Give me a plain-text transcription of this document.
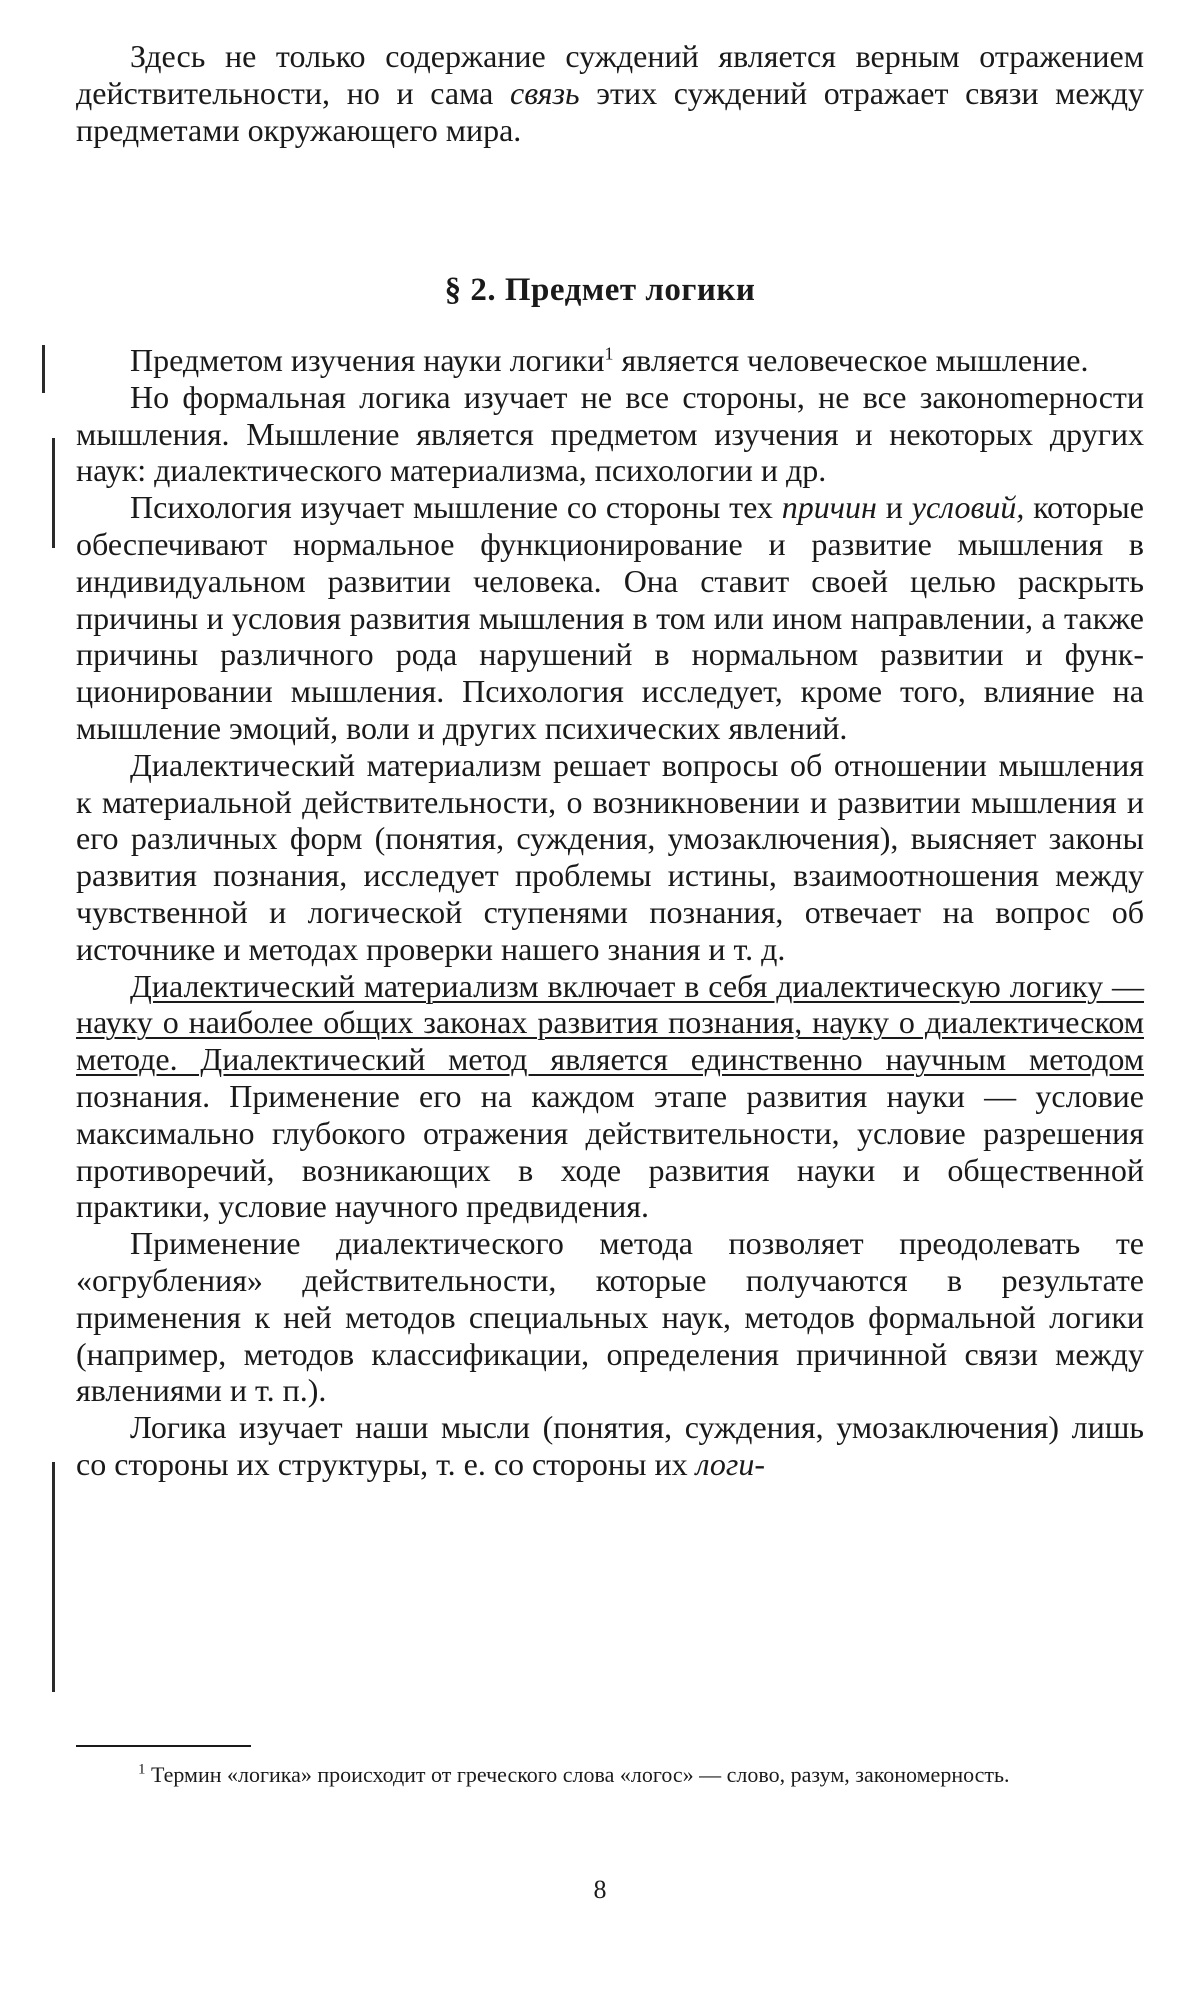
Здесь не только содержание суждений является верным отражением действительности, но и сама связь этих суждений отражает связи между предметами окружающего мира.

§ 2. Предмет логики

Предметом изучения науки логики$^1$ является человеческое мышление.

Но формальная логика изучает не все стороны, не все законоmерности мышления. Мышление является предметом изучения и некоторых других наук: диалектического материализма, психологии и др.

Психология изучает мышление со стороны тех причин и условий, которые обеспечивают нормальное функционирование и развитие мышления в индивидуальном развитии человека. Она ставит своей целью раскрыть причины и условия развития мышления в том или ином направлении, а также причины различного рода нарушений в нормальном развитии и функционировании мышления. Психология исследует, кроме того, влияние на мышление эмоций, воли и других психических явлений.

Диалектический материализм решает вопросы об отношении мышления к материальной действительности, о возникновении и развитии мышления и его различных форм (понятия, суждения, умозаключения), выясняет законы развития познания, исследует проблемы истины, взаимоотношения между чувственной и логической ступенями познания, отвечает на вопрос об источнике и методах проверки нашего знания и т. д.

Диалектический материализм включает в себя диалектическую логику — науку о наиболее общих законах развития познания, науку о диалектическом методе. Диалектический метод является единственно научным методом познания. Применение его на каждом этапе развития науки — условие максимально глубокого отражения действительности, условие разрешения противоречий, возникающих в ходе развития науки и общественной практики, условие научного предвидения.

Применение диалектического метода позволяет преодолевать те «огрубления» действительности, которые получаются в результате применения к ней методов специальных наук, методов формальной логики (например, методов классификации, определения причинной связи между явлениями и т. п.).

Логика изучает наши мысли (понятия, суждения, умозаключения) лишь со стороны их структуры, т. е. со стороны их логи-

$^1$ Термин «логика» происходит от греческого слова «логос» — слово, разум, закономерность.
8
